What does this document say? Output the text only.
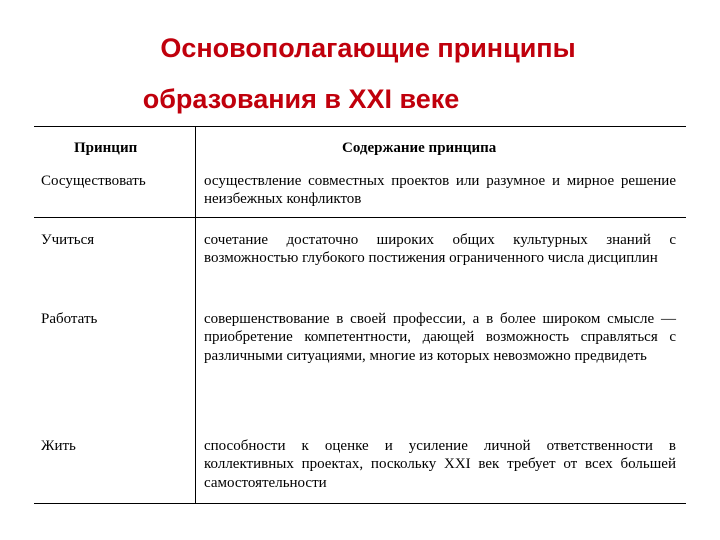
Основополагающие принципы
образования в XXI веке
Принцип	Содержание принципа
Сосуществовать	осуществление совместных проектов или разумное и мирное решение неизбежных конфликтов
Учиться	сочетание достаточно широких общих культурных знаний с возможностью глубокого постижения ограниченного числа дисциплин
Работать	совершенствование в своей профессии, а в более широком смысле — приобретение компетентности, дающей возможность справляться с различными ситуациями, многие из которых невозможно предвидеть
Жить	способности к оценке и усиление личной ответственности в коллективных проектах, поскольку XXI век требует от всех большей самостоятельности
